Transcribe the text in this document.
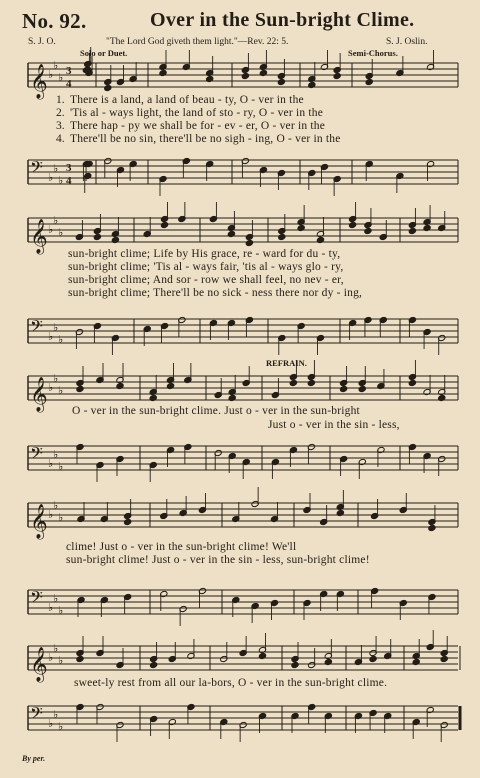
No. 92.	Over in the Sun-bright Clime.
S. J. O.	"The Lord God giveth them light."—Rev. 22: 5.	S. J. Oslin.
Solo or Duet.	Semi-Chorus.
REFRAIN.
𝄞 ♭
♭
♭ 3
4
1. There is a land, a land of beau - ty, O - ver in the
2. 'Tis al - ways light, the land of sto - ry, O - ver in the
3. There hap - py we shall be for - ev - er, O - ver in the
4. There'll be no sin, there'll be no sigh - ing, O - ver in the
𝄢 ♭
♭
♭
3
4
𝄞 ♭
♭
♭
sun-bright clime; Life by His grace, re - ward for du - ty,
sun-bright clime; 'Tis al - ways fair, 'tis al - ways glo - ry,
sun-bright clime; And sor - row we shall feel, no nev - er,
sun-bright clime; There'll be no sick - ness there nor dy - ing,
𝄢 ♭
♭
♭
𝄞 ♭
♭
♭
O - ver in the sun-bright clime. Just o - ver in the sun-bright
Just o - ver in the sin - less,
𝄢 ♭
♭
♭
𝄞 ♭
♭
♭
clime! Just o - ver in the sun-bright clime! We'll
sun-bright clime! Just o - ver in the sin - less, sun-bright clime!
𝄢 ♭
♭
♭
𝄞 ♭
♭
♭
sweet-ly rest from all our la-bors, O - ver in the sun-bright clime.
𝄢 ♭
♭
♭
By per.
